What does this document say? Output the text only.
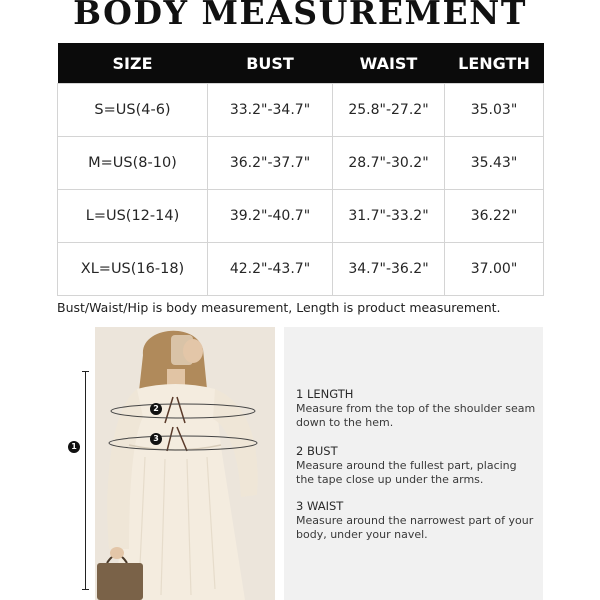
BODY MEASUREMENT
SIZE	BUST	WAIST	LENGTH
S=US(4-6)	33.2"-34.7"	25.8"-27.2"	35.03"
M=US(8-10)	36.2"-37.7"	28.7"-30.2"	35.43"
L=US(12-14)	39.2"-40.7"	31.7"-33.2"	36.22"
XL=US(16-18)	42.2"-43.7"	34.7"-36.2"	37.00"
Bust/Waist/Hip is body measurement, Length is product measurement.
1
2
3
1 LENGTH
Measure from the top of the shoulder seam down to the hem.
2 BUST
Measure around the fullest part, placing the tape close up under the arms.
3 WAIST
Measure around the narrowest part of your body, under your navel.
